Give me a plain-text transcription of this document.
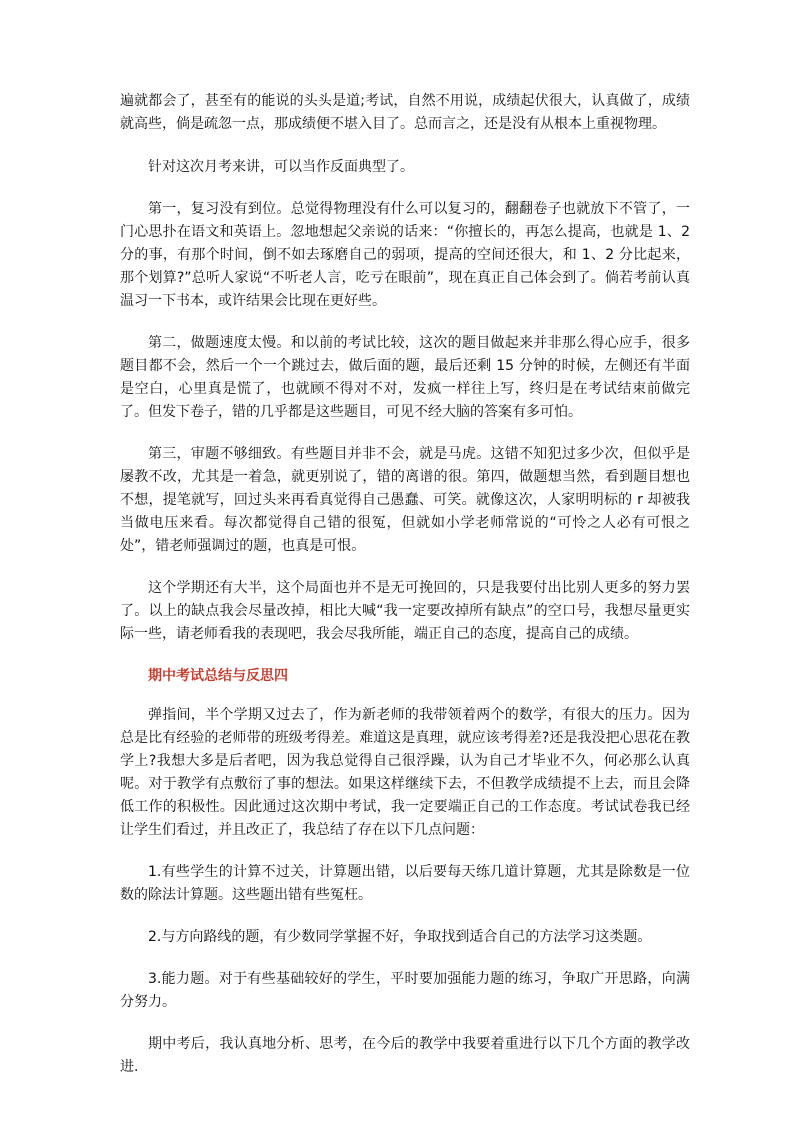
遍就都会了，甚至有的能说的头头是道;考试，自然不用说，成绩起伏很大，认真做了，成绩就高些，倘是疏忽一点，那成绩便不堪入目了。总而言之，还是没有从根本上重视物理。

针对这次月考来讲，可以当作反面典型了。

第一，复习没有到位。总觉得物理没有什么可以复习的，翻翻卷子也就放下不管了，一门心思扑在语文和英语上。忽地想起父亲说的话来：“你擅长的，再怎么提高，也就是 1、2 分的事，有那个时间，倒不如去琢磨自己的弱项，提高的空间还很大，和 1、2 分比起来，那个划算?”总听人家说“不听老人言，吃亏在眼前”，现在真正自己体会到了。倘若考前认真温习一下书本，或许结果会比现在更好些。

第二，做题速度太慢。和以前的考试比较，这次的题目做起来并非那么得心应手，很多题目都不会，然后一个一个跳过去，做后面的题，最后还剩 15 分钟的时候，左侧还有半面是空白，心里真是慌了，也就顾不得对不对，发疯一样往上写，终归是在考试结束前做完了。但发下卷子，错的几乎都是这些题目，可见不经大脑的答案有多可怕。

第三，审题不够细致。有些题目并非不会，就是马虎。这错不知犯过多少次，但似乎是屡教不改，尤其是一着急，就更别说了，错的离谱的很。第四，做题想当然，看到题目想也不想，提笔就写，回过头来再看真觉得自己愚蠢、可笑。就像这次，人家明明标的 r 却被我当做电压来看。每次都觉得自己错的很冤，但就如小学老师常说的“可怜之人必有可恨之处”，错老师强调过的题，也真是可恨。

这个学期还有大半，这个局面也并不是无可挽回的，只是我要付出比别人更多的努力罢了。以上的缺点我会尽量改掉，相比大喊“我一定要改掉所有缺点”的空口号，我想尽量更实际一些，请老师看我的表现吧，我会尽我所能，端正自己的态度，提高自己的成绩。

期中考试总结与反思四

弹指间，半个学期又过去了，作为新老师的我带领着两个的数学，有很大的压力。因为总是比有经验的老师带的班级考得差。难道这是真理，就应该考得差?还是我没把心思花在教学上?我想大多是后者吧，因为我总觉得自己很浮躁，认为自己才毕业不久，何必那么认真呢。对于教学有点敷衍了事的想法。如果这样继续下去，不但教学成绩提不上去，而且会降低工作的积极性。因此通过这次期中考试，我一定要端正自己的工作态度。考试试卷我已经让学生们看过，并且改正了，我总结了存在以下几点问题：

1.有些学生的计算不过关，计算题出错，以后要每天练几道计算题，尤其是除数是一位数的除法计算题。这些题出错有些冤枉。

2.与方向路线的题，有少数同学掌握不好，争取找到适合自己的方法学习这类题。

3.能力题。对于有些基础较好的学生，平时要加强能力题的练习，争取广开思路，向满分努力。

期中考后，我认真地分析、思考，在今后的教学中我要着重进行以下几个方面的教学改进.
